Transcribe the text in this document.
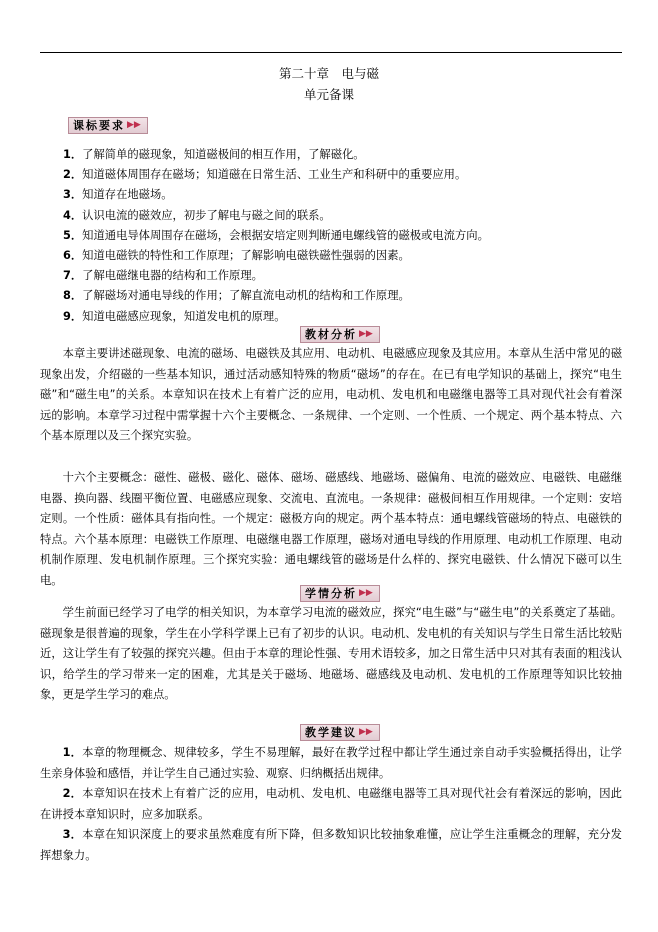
第二十章　电与磁
单元备课
课标要求 ▶▶
1．了解简单的磁现象，知道磁极间的相互作用，了解磁化。
2．知道磁体周围存在磁场；知道磁在日常生活、工业生产和科研中的重要应用。
3．知道存在地磁场。
4．认识电流的磁效应，初步了解电与磁之间的联系。
5．知道通电导体周围存在磁场，会根据安培定则判断通电螺线管的磁极或电流方向。
6．知道电磁铁的特性和工作原理；了解影响电磁铁磁性强弱的因素。
7．了解电磁继电器的结构和工作原理。
8．了解磁场对通电导线的作用；了解直流电动机的结构和工作原理。
9．知道电磁感应现象，知道发电机的原理。
教材分析 ▶▶

本章主要讲述磁现象、电流的磁场、电磁铁及其应用、电动机、电磁感应现象及其应用。本章从生活中常见的磁现象出发，介绍磁的一些基本知识，通过活动感知特殊的物质“磁场”的存在。在已有电学知识的基础上，探究“电生磁”和“磁生电”的关系。本章知识在技术上有着广泛的应用，电动机、发电机和电磁继电器等工具对现代社会有着深远的影响。本章学习过程中需掌握十六个主要概念、一条规律、一个定则、一个性质、一个规定、两个基本特点、六个基本原理以及三个探究实验。

十六个主要概念：磁性、磁极、磁化、磁体、磁场、磁感线、地磁场、磁偏角、电流的磁效应、电磁铁、电磁继电器、换向器、线圈平衡位置、电磁感应现象、交流电、直流电。一条规律：磁极间相互作用规律。一个定则：安培定则。一个性质：磁体具有指向性。一个规定：磁极方向的规定。两个基本特点：通电螺线管磁场的特点、电磁铁的特点。六个基本原理：电磁铁工作原理、电磁继电器工作原理，磁场对通电导线的作用原理、电动机工作原理、电动机制作原理、发电机制作原理。三个探究实验：通电螺线管的磁场是什么样的、探究电磁铁、什么情况下磁可以生电。

学情分析 ▶▶

学生前面已经学习了电学的相关知识，为本章学习电流的磁效应，探究“电生磁”与“磁生电”的关系奠定了基础。磁现象是很普遍的现象，学生在小学科学课上已有了初步的认识。电动机、发电机的有关知识与学生日常生活比较贴近，这让学生有了较强的探究兴趣。但由于本章的理论性强、专用术语较多，加之日常生活中只对其有表面的粗浅认识，给学生的学习带来一定的困难，尤其是关于磁场、地磁场、磁感线及电动机、发电机的工作原理等知识比较抽象，更是学生学习的难点。

教学建议 ▶▶

1．本章的物理概念、规律较多，学生不易理解，最好在教学过程中都让学生通过亲自动手实验概括得出，让学生亲身体验和感悟，并让学生自己通过实验、观察、归纳概括出规律。

2．本章知识在技术上有着广泛的应用，电动机、发电机、电磁继电器等工具对现代社会有着深远的影响，因此在讲授本章知识时，应多加联系。

3．本章在知识深度上的要求虽然难度有所下降，但多数知识比较抽象难懂，应让学生注重概念的理解，充分发挥想象力。
